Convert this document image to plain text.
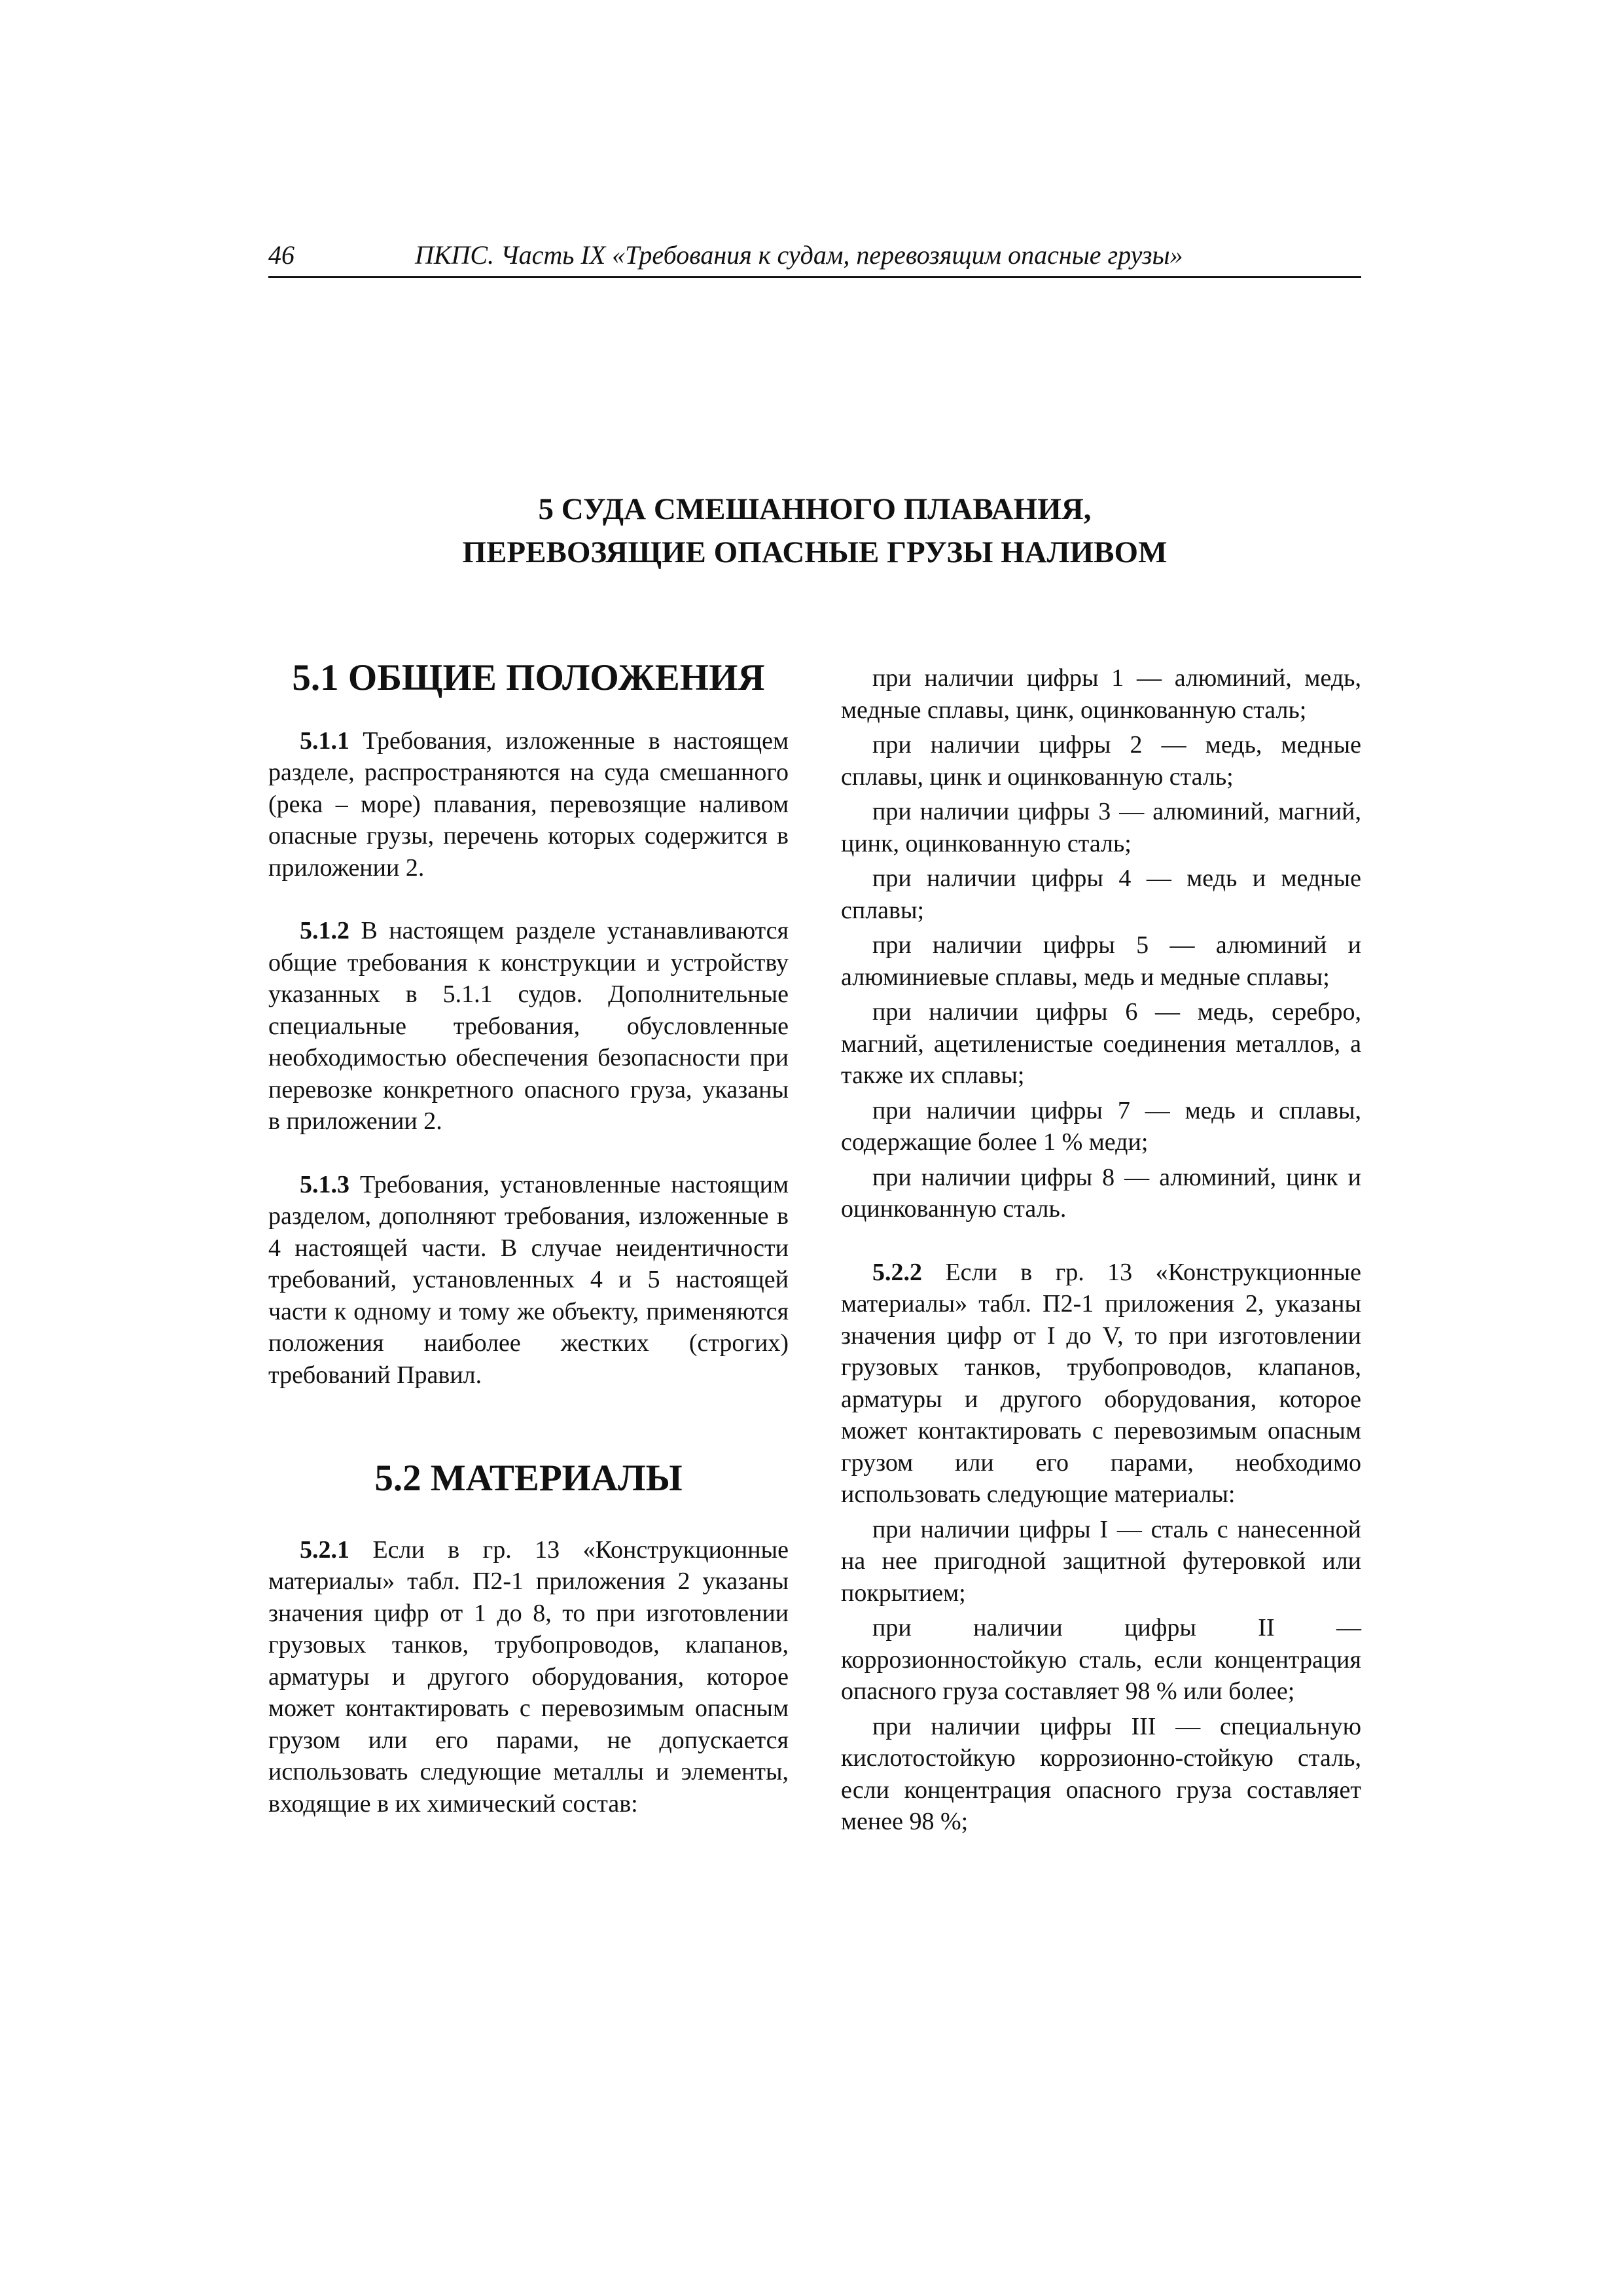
46	ПКПС. Часть IX «Требования к судам, перевозящим опасные грузы»
5 СУДА СМЕШАННОГО ПЛАВАНИЯ,
ПЕРЕВОЗЯЩИЕ ОПАСНЫЕ ГРУЗЫ НАЛИВОМ
5.1 ОБЩИЕ ПОЛОЖЕНИЯ

5.1.1 Требования, изложенные в настоящем разделе, распространяются на суда смешанного (река – море) плавания, перевозящие наливом опасные грузы, перечень которых содержится в приложении 2.

5.1.2 В настоящем разделе устанавливаются общие требования к конструкции и устройству указанных в 5.1.1 судов. Дополнительные специальные требования, обусловленные необходимостью обеспечения безопасности при перевозке конкретного опасного груза, указаны в приложении 2.

5.1.3 Требования, установленные настоящим разделом, дополняют требования, изложенные в 4 настоящей части. В случае неидентичности требований, установленных 4 и 5 настоящей части к одному и тому же объекту, применяются положения наиболее жестких (строгих) требований Правил.

5.2 МАТЕРИАЛЫ

5.2.1 Если в гр. 13 «Конструкционные материалы» табл. П2-1 приложения 2 указаны значения цифр от 1 до 8, то при изготовлении грузовых танков, трубопроводов, клапанов, арматуры и другого оборудования, которое может контактировать с перевозимым опасным грузом или его парами, не допускается использовать следующие металлы и элементы, входящие в их химический состав:

при наличии цифры 1 — алюминий, медь, медные сплавы, цинк, оцинкованную сталь;

при наличии цифры 2 — медь, медные сплавы, цинк и оцинкованную сталь;

при наличии цифры 3 — алюминий, магний, цинк, оцинкованную сталь;

при наличии цифры 4 — медь и медные сплавы;

при наличии цифры 5 — алюминий и алюминиевые сплавы, медь и медные сплавы;

при наличии цифры 6 — медь, серебро, магний, ацетиленистые соединения металлов, а также их сплавы;

при наличии цифры 7 — медь и сплавы, содержащие более 1 % меди;

при наличии цифры 8 — алюминий, цинк и оцинкованную сталь.

5.2.2 Если в гр. 13 «Конструкционные материалы» табл. П2-1 приложения 2, указаны значения цифр от I до V, то при изготовлении грузовых танков, трубопроводов, клапанов, арматуры и другого оборудования, которое может контактировать с перевозимым опасным грузом или его парами, необходимо использовать следующие материалы:

при наличии цифры I — сталь с нанесенной на нее пригодной защитной футеровкой или покрытием;

при наличии цифры II — коррозионностойкую сталь, если концентрация опасного груза составляет 98 % или более;

при наличии цифры III — специальную кислотостойкую коррозионно-стойкую сталь, если концентрация опасного груза составляет менее 98 %;
